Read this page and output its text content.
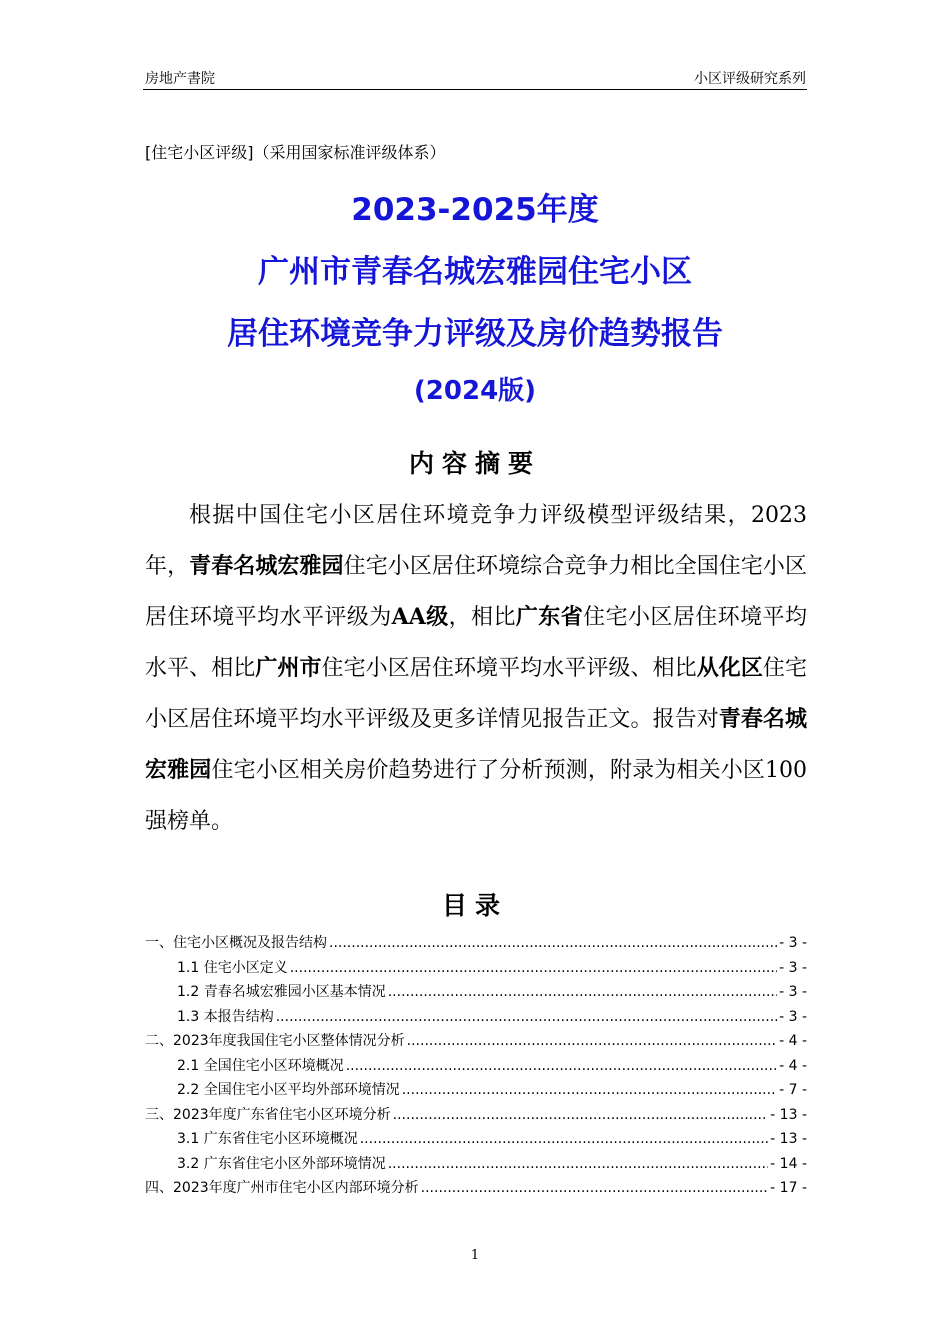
房地产書院	小区评级研究系列
[住宅小区评级]（采用国家标准评级体系）
2023-2025年度
广州市青春名城宏雅园住宅小区
居住环境竞争力评级及房价趋势报告
(2024版)
内容摘要
根据中国住宅小区居住环境竞争力评级模型评级结果，2023年，青春名城宏雅园住宅小区居住环境综合竞争力相比全国住宅小区居住环境平均水平评级为AA级，相比广东省住宅小区居住环境平均水平、相比广州市住宅小区居住环境平均水平评级、相比从化区住宅小区居住环境平均水平评级及更多详情见报告正文。报告对青春名城宏雅园住宅小区相关房价趋势进行了分析预测，附录为相关小区100强榜单。
目录
一、住宅小区概况及报告结构 .....	- 3 -
1.1 住宅小区定义 .....	- 3 -
1.2 青春名城宏雅园小区基本情况 .....	- 3 -
1.3 本报告结构 .....	- 3 -
二、2023年度我国住宅小区整体情况分析 .....	- 4 -
2.1 全国住宅小区环境概况 .....	- 4 -
2.2 全国住宅小区平均外部环境情况 .....	- 7 -
三、2023年度广东省住宅小区环境分析 .....	- 13 -
3.1 广东省住宅小区环境概况 .....	- 13 -
3.2 广东省住宅小区外部环境情况 .....	- 14 -
四、2023年度广州市住宅小区内部环境分析 .....	- 17 -
1
